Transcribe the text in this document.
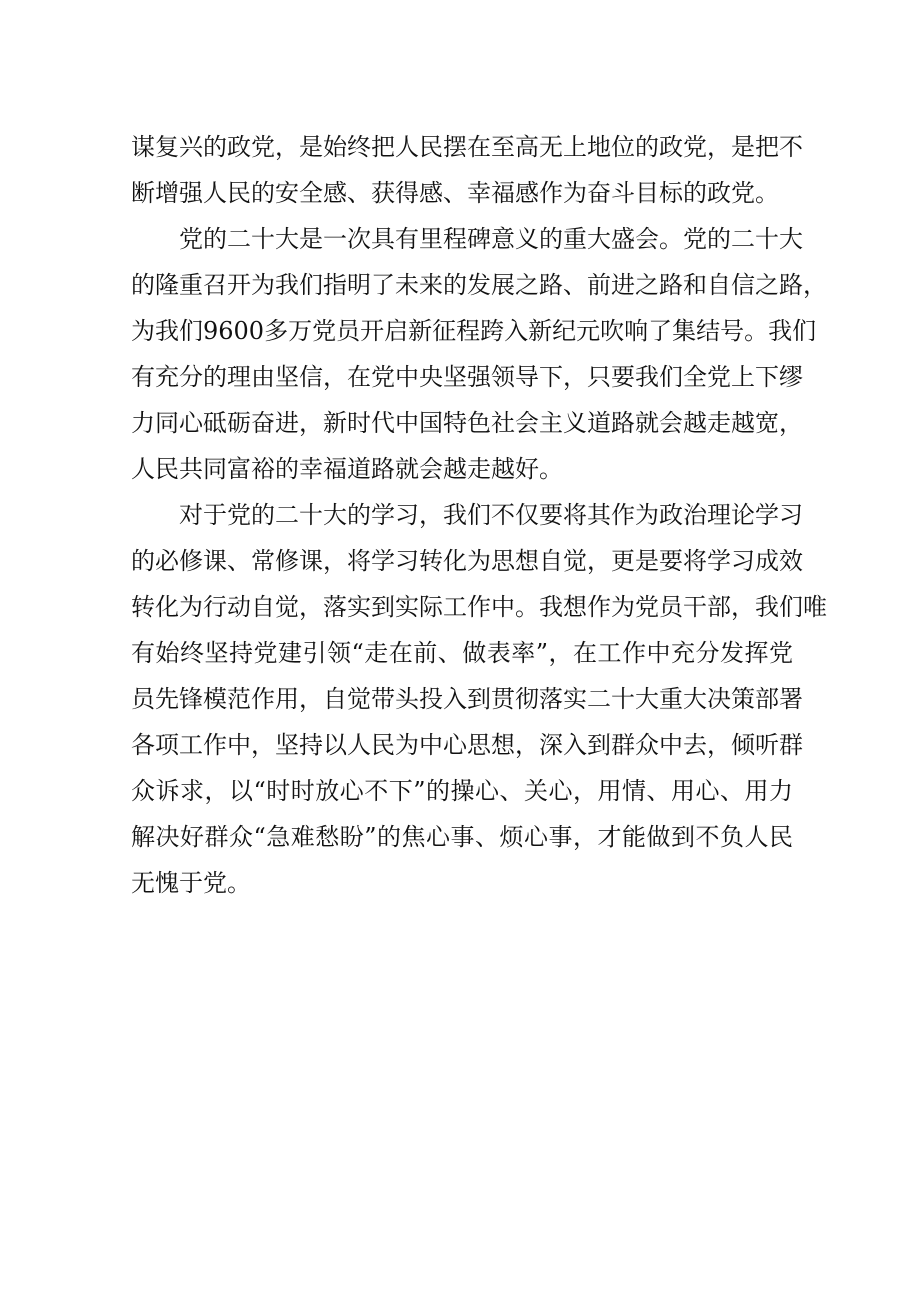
谋复兴的政党，是始终把人民摆在至高无上地位的政党，是把不
断增强人民的安全感、获得感、幸福感作为奋斗目标的政党。
党的二十大是一次具有里程碑意义的重大盛会。党的二十大
的隆重召开为我们指明了未来的发展之路、前进之路和自信之路，
为我们9600多万党员开启新征程跨入新纪元吹响了集结号。我们
有充分的理由坚信，在党中央坚强领导下，只要我们全党上下缪
力同心砥砺奋进，新时代中国特色社会主义道路就会越走越宽，
人民共同富裕的幸福道路就会越走越好。
对于党的二十大的学习，我们不仅要将其作为政治理论学习
的必修课、常修课，将学习转化为思想自觉，更是要将学习成效
转化为行动自觉，落实到实际工作中。我想作为党员干部，我们唯
有始终坚持党建引领“走在前、做表率”，在工作中充分发挥党
员先锋模范作用，自觉带头投入到贯彻落实二十大重大决策部署
各项工作中，坚持以人民为中心思想，深入到群众中去，倾听群
众诉求，以“时时放心不下”的操心、关心，用情、用心、用力
解决好群众“急难愁盼”的焦心事、烦心事，才能做到不负人民
无愧于党。
